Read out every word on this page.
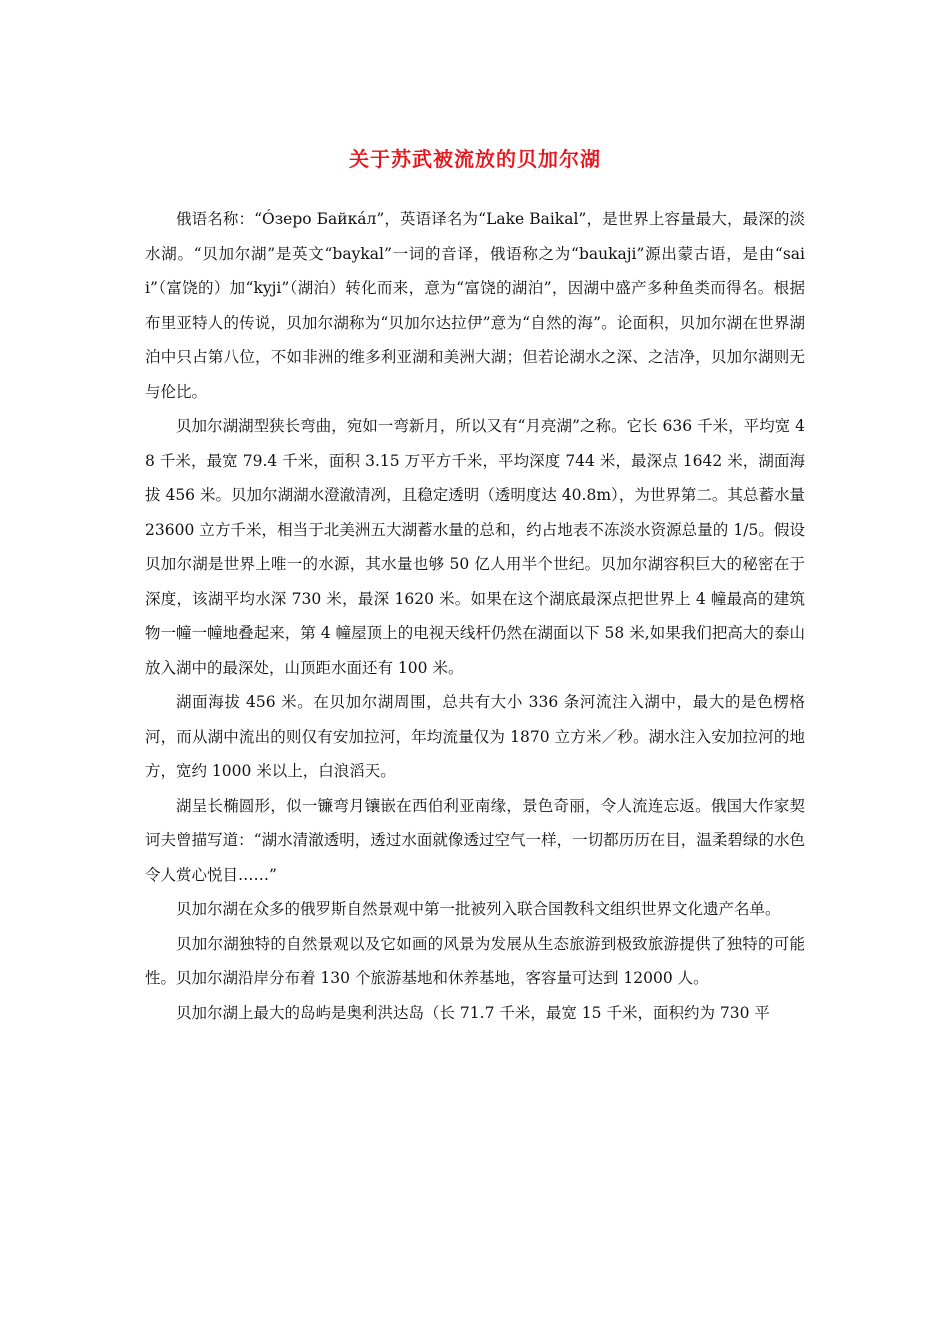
关于苏武被流放的贝加尔湖

俄语名称：“Óзеро Байкáл”，英语译名为“Lake Baikal”，是世界上容量最大，最深的淡水湖。“贝加尔湖”是英文“baykal”一词的音译，俄语称之为“baukaji”源出蒙古语，是由“saii”（富饶的）加“kyji”（湖泊）转化而来，意为“富饶的湖泊”，因湖中盛产多种鱼类而得名。根据布里亚特人的传说，贝加尔湖称为“贝加尔达拉伊”意为“自然的海”。论面积，贝加尔湖在世界湖泊中只占第八位，不如非洲的维多利亚湖和美洲大湖；但若论湖水之深、之洁净，贝加尔湖则无与伦比。

贝加尔湖湖型狭长弯曲，宛如一弯新月，所以又有“月亮湖”之称。它长 636 千米，平均宽 48 千米，最宽 79.4 千米，面积 3.15 万平方千米，平均深度 744 米，最深点 1642 米，湖面海拔 456 米。贝加尔湖湖水澄澈清冽，且稳定透明（透明度达 40.8m），为世界第二。其总蓄水量 23600 立方千米，相当于北美洲五大湖蓄水量的总和，约占地表不冻淡水资源总量的 1/5。假设贝加尔湖是世界上唯一的水源，其水量也够 50 亿人用半个世纪。贝加尔湖容积巨大的秘密在于深度，该湖平均水深 730 米，最深 1620 米。如果在这个湖底最深点把世界上 4 幢最高的建筑物一幢一幢地叠起来，第 4 幢屋顶上的电视天线杆仍然在湖面以下 58 米,如果我们把高大的泰山放入湖中的最深处，山顶距水面还有 100 米。

湖面海拔 456 米。在贝加尔湖周围，总共有大小 336 条河流注入湖中，最大的是色楞格河，而从湖中流出的则仅有安加拉河，年均流量仅为 1870 立方米／秒。湖水注入安加拉河的地方，宽约 1000 米以上，白浪滔天。

湖呈长椭圆形，似一镰弯月镶嵌在西伯利亚南缘，景色奇丽，令人流连忘返。俄国大作家契诃夫曾描写道：“湖水清澈透明，透过水面就像透过空气一样，一切都历历在目，温柔碧绿的水色令人赏心悦目……”

贝加尔湖在众多的俄罗斯自然景观中第一批被列入联合国教科文组织世界文化遗产名单。

贝加尔湖独特的自然景观以及它如画的风景为发展从生态旅游到极致旅游提供了独特的可能性。贝加尔湖沿岸分布着 130 个旅游基地和休养基地，客容量可达到 12000 人。

贝加尔湖上最大的岛屿是奥利洪达岛（长 71.7 千米，最宽 15 千米，面积约为 730 平
